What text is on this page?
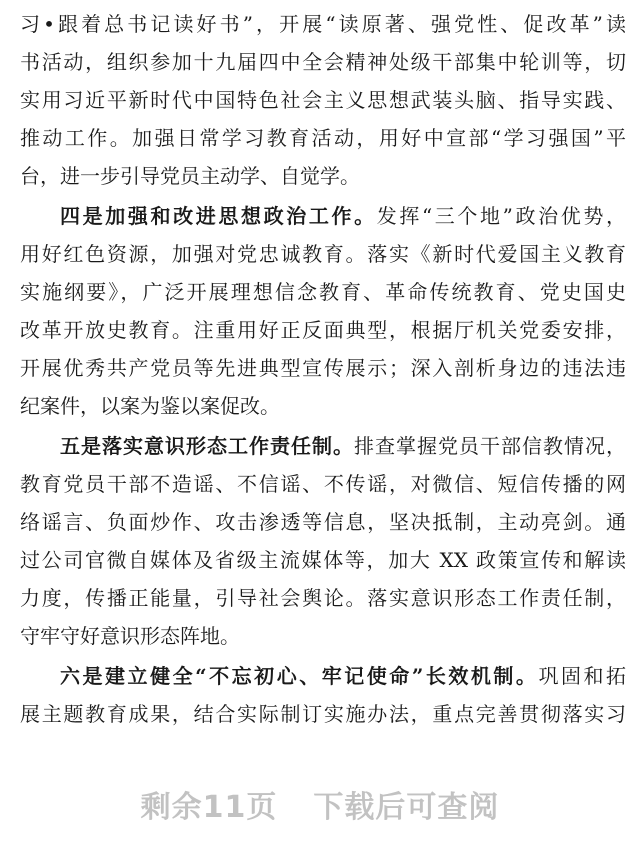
习•跟着总书记读好书”，开展“读原著、强党性、促改革”读
书活动，组织参加十九届四中全会精神处级干部集中轮训等，切
实用习近平新时代中国特色社会主义思想武装头脑、指导实践、
推动工作。加强日常学习教育活动，用好中宣部“学习强国”平
台，进一步引导党员主动学、自觉学。
四是加强和改进思想政治工作。发挥“三个地”政治优势，
用好红色资源，加强对党忠诚教育。落实《新时代爱国主义教育
实施纲要》，广泛开展理想信念教育、革命传统教育、党史国史
改革开放史教育。注重用好正反面典型，根据厅机关党委安排，
开展优秀共产党员等先进典型宣传展示；深入剖析身边的违法违
纪案件，以案为鉴以案促改。
五是落实意识形态工作责任制。排查掌握党员干部信教情况，
教育党员干部不造谣、不信谣、不传谣，对微信、短信传播的网
络谣言、负面炒作、攻击渗透等信息，坚决抵制，主动亮剑。通
过公司官微自媒体及省级主流媒体等，加大 XX 政策宣传和解读
力度，传播正能量，引导社会舆论。落实意识形态工作责任制，
守牢守好意识形态阵地。
六是建立健全“不忘初心、牢记使命”长效机制。巩固和拓
展主题教育成果，结合实际制订实施办法，重点完善贯彻落实习
剩余11页 下载后可查阅
